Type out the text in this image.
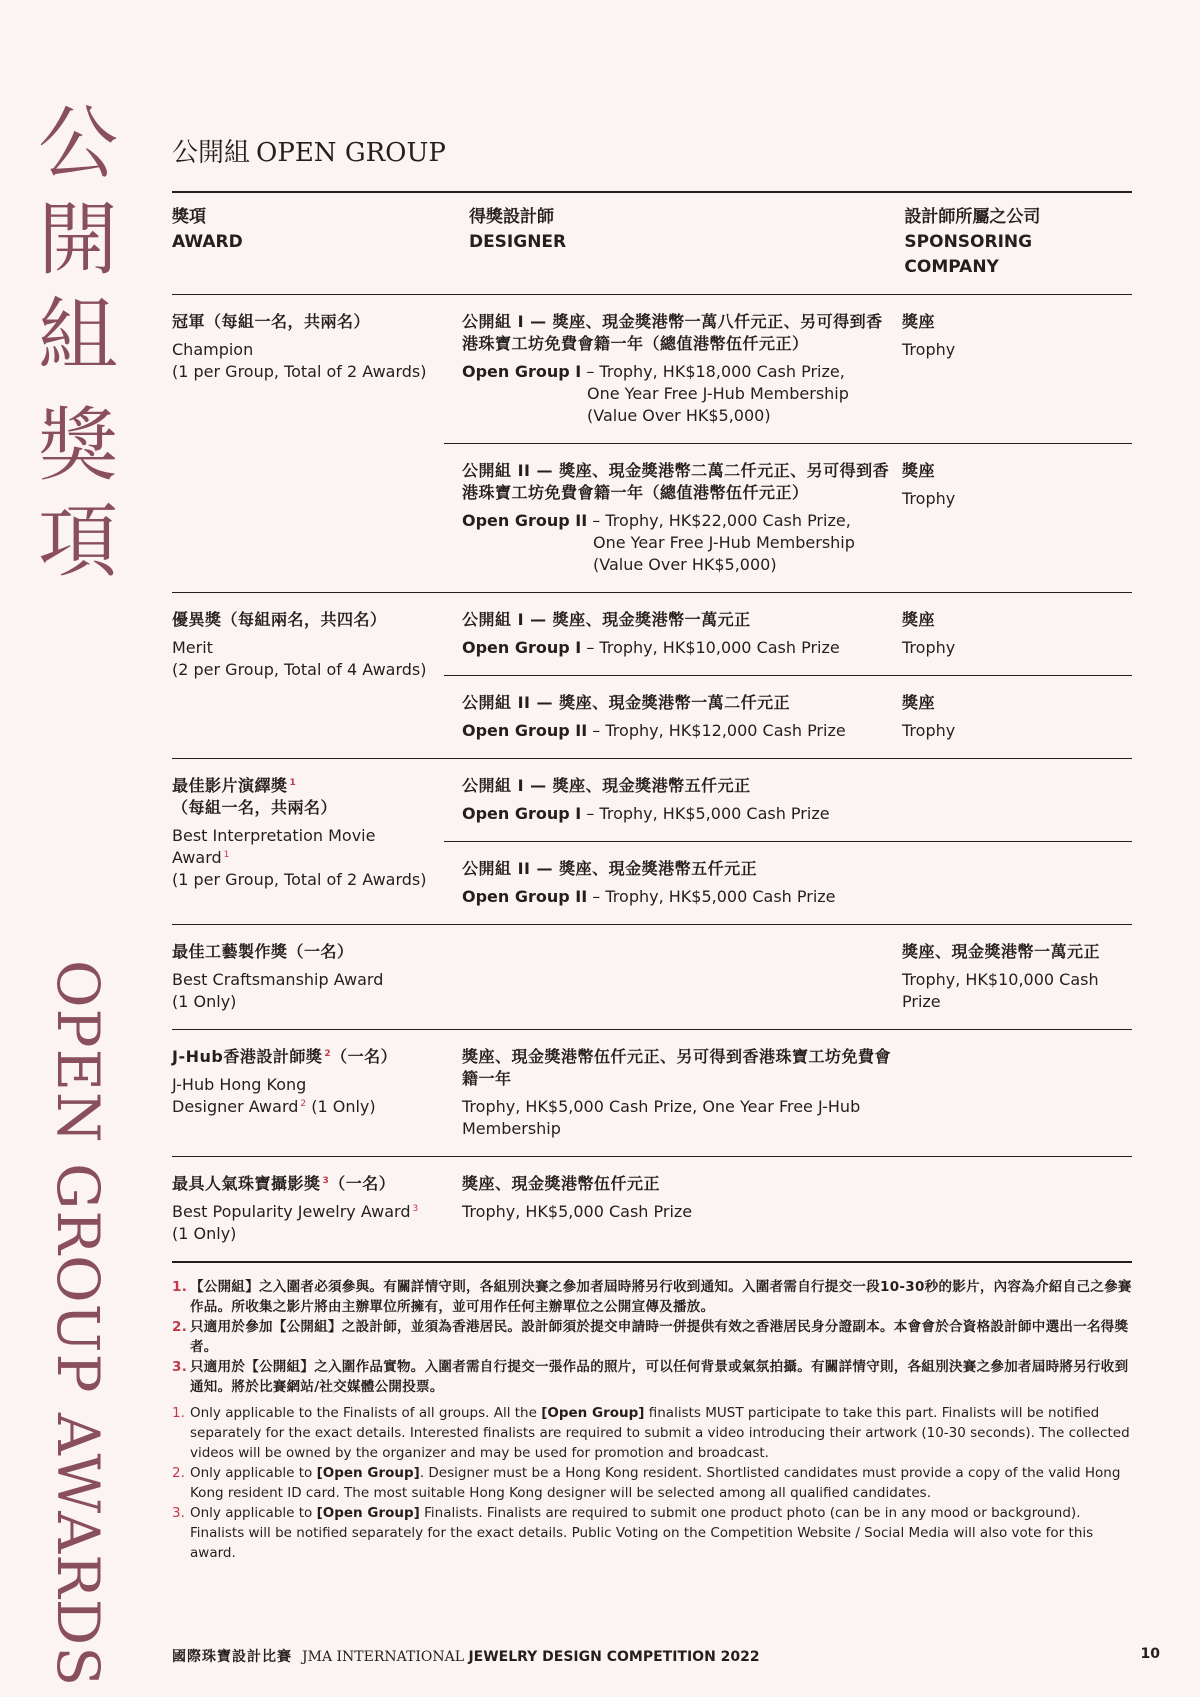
公
開
組
獎
項
OPEN GROUP AWARDS
公開組 OPEN GROUP
獎項
AWARD
得獎設計師
DESIGNER
設計師所屬之公司
SPONSORING COMPANY
冠軍（每組一名，共兩名）
Champion
(1 per Group, Total of 2 Awards)
公開組 I — 獎座、現金獎港幣一萬八仟元正、另可得到香港珠寶工坊免費會籍一年（總值港幣伍仟元正）
Open Group I – Trophy, HK$18,000 Cash Prize,
One Year Free J-Hub Membership
(Value Over HK$5,000)
獎座
Trophy
公開組 II — 獎座、現金獎港幣二萬二仟元正、另可得到香港珠寶工坊免費會籍一年（總值港幣伍仟元正）
Open Group II – Trophy, HK$22,000 Cash Prize,
One Year Free J-Hub Membership
(Value Over HK$5,000)
獎座
Trophy
優異獎（每組兩名，共四名）
Merit
(2 per Group, Total of 4 Awards)
公開組 I — 獎座、現金獎港幣一萬元正
Open Group I – Trophy, HK$10,000 Cash Prize
獎座
Trophy
公開組 II — 獎座、現金獎港幣一萬二仟元正
Open Group II – Trophy, HK$12,000 Cash Prize
獎座
Trophy
最佳影片演繹獎 $^1$
（每組一名，共兩名）
Best Interpretation Movie Award $^1$
(1 per Group, Total of 2 Awards)
公開組 I — 獎座、現金獎港幣五仟元正
Open Group I – Trophy, HK$5,000 Cash Prize
公開組 II — 獎座、現金獎港幣五仟元正
Open Group II – Trophy, HK$5,000 Cash Prize
最佳工藝製作獎（一名）
Best Craftsmanship Award
(1 Only)
獎座、現金獎港幣一萬元正
Trophy, HK$10,000 Cash Prize
J-Hub香港設計師獎 $^2$（一名）
J-Hub Hong Kong
Designer Award $^2$ (1 Only)
獎座、現金獎港幣伍仟元正、另可得到香港珠寶工坊免費會籍一年
Trophy, HK$5,000 Cash Prize, One Year Free J-Hub Membership
最具人氣珠寶攝影獎 $^3$（一名）
Best Popularity Jewelry Award $^3$
(1 Only)
獎座、現金獎港幣伍仟元正
Trophy, HK$5,000 Cash Prize
1. 【公開組】之入圍者必須參與。有關詳情守則，各組別決賽之參加者屆時將另行收到通知。入圍者需自行提交一段10-30秒的影片，內容為介紹自己之參賽作品。所收集之影片將由主辦單位所擁有，並可用作任何主辦單位之公開宣傳及播放。
2. 只適用於參加【公開組】之設計師，並須為香港居民。設計師須於提交申請時一併提供有效之香港居民身分證副本。本會會於合資格設計師中選出一名得獎者。
3. 只適用於【公開組】之入圍作品實物。入圍者需自行提交一張作品的照片，可以任何背景或氣氛拍攝。有關詳情守則，各組別決賽之參加者屆時將另行收到通知。將於比賽網站/社交媒體公開投票。
1. Only applicable to the Finalists of all groups. All the [Open Group] finalists MUST participate to take this part. Finalists will be notified separately for the exact details. Interested finalists are required to submit a video introducing their artwork (10-30 seconds). The collected videos will be owned by the organizer and may be used for promotion and broadcast.
2. Only applicable to [Open Group]. Designer must be a Hong Kong resident. Shortlisted candidates must provide a copy of the valid Hong Kong resident ID card. The most suitable Hong Kong designer will be selected among all qualified candidates.
3. Only applicable to [Open Group] Finalists. Finalists are required to submit one product photo (can be in any mood or background). Finalists will be notified separately for the exact details. Public Voting on the Competition Website / Social Media will also vote for this award.
國際珠寶設計比賽 JMA INTERNATIONAL JEWELRY DESIGN COMPETITION 2022	10
